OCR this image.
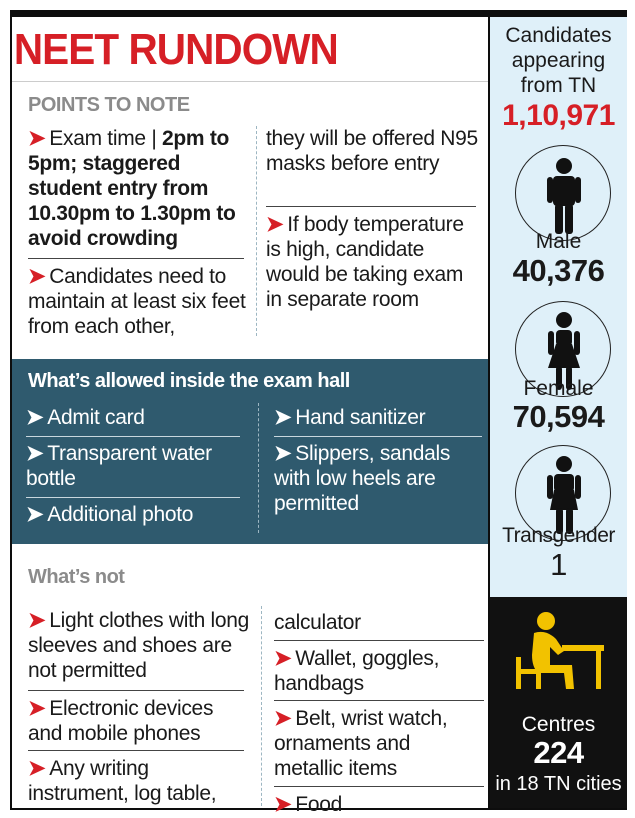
NEET RUNDOWN
POINTS TO NOTE
➤ Exam time | 2pm to 5pm; staggered student entry from 10.30pm to 1.30pm to avoid crowding
➤ Candidates need to maintain at least six feet from each other,
they will be offered N95 masks before entry
➤ If body temperature is high, candidate would be taking exam in separate room
What’s allowed inside the exam hall
➤ Admit card
➤ Transparent water bottle
➤ Additional photo
➤ Hand sanitizer
➤ Slippers, sandals with low heels are permitted
What’s not
➤ Light clothes with long sleeves and shoes are not permitted
➤ Electronic devices and mobile phones
➤ Any writing instrument, log table,
calculator
➤ Wallet, goggles, handbags
➤ Belt, wrist watch, ornaments and metallic items
➤ Food
Candidates
appearing
from TN
1,10,971
Male
40,376
Female
70,594
Transgender
1
Centres
224
in 18 TN cities
